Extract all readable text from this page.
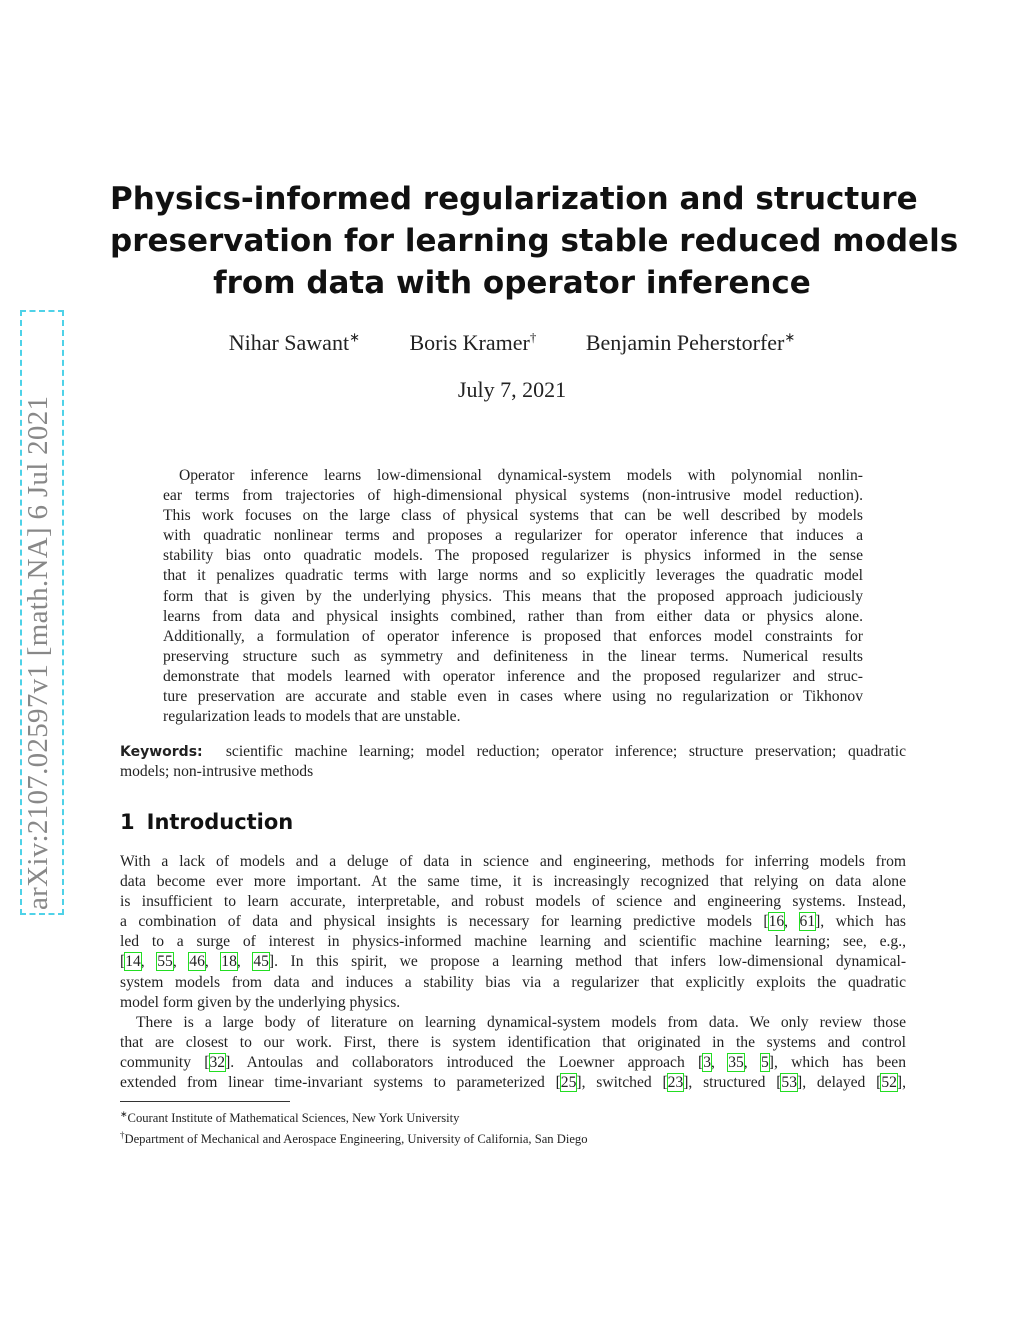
arXiv:2107.02597v1 [math.NA] 6 Jul 2021
Physics-informed regularization and structure
preservation for learning stable reduced models
from data with operator inference
Nihar Sawant∗ Boris Kramer† Benjamin Peherstorfer∗
July 7, 2021
Operator inference learns low-dimensional dynamical-system models with polynomial nonlin-
ear terms from trajectories of high-dimensional physical systems (non-intrusive model reduction).
This work focuses on the large class of physical systems that can be well described by models
with quadratic nonlinear terms and proposes a regularizer for operator inference that induces a
stability bias onto quadratic models. The proposed regularizer is physics informed in the sense
that it penalizes quadratic terms with large norms and so explicitly leverages the quadratic model
form that is given by the underlying physics. This means that the proposed approach judiciously
learns from data and physical insights combined, rather than from either data or physics alone.
Additionally, a formulation of operator inference is proposed that enforces model constraints for
preserving structure such as symmetry and definiteness in the linear terms. Numerical results
demonstrate that models learned with operator inference and the proposed regularizer and struc-
ture preservation are accurate and stable even in cases where using no regularization or Tikhonov
regularization leads to models that are unstable.
Keywords: scientific machine learning; model reduction; operator inference; structure preservation; quadratic
models; non-intrusive methods
1 Introduction
With a lack of models and a deluge of data in science and engineering, methods for inferring models from
data become ever more important. At the same time, it is increasingly recognized that relying on data alone
is insufficient to learn accurate, interpretable, and robust models of science and engineering systems. Instead,
a combination of data and physical insights is necessary for learning predictive models [16, 61], which has
led to a surge of interest in physics-informed machine learning and scientific machine learning; see, e.g.,
[14, 55, 46, 18, 45]. In this spirit, we propose a learning method that infers low-dimensional dynamical-
system models from data and induces a stability bias via a regularizer that explicitly exploits the quadratic
model form given by the underlying physics.
There is a large body of literature on learning dynamical-system models from data. We only review those
that are closest to our work. First, there is system identification that originated in the systems and control
community [32]. Antoulas and collaborators introduced the Loewner approach [3, 35, 5], which has been
extended from linear time-invariant systems to parameterized [25], switched [23], structured [53], delayed [52],
∗Courant Institute of Mathematical Sciences, New York University
†Department of Mechanical and Aerospace Engineering, University of California, San Diego
